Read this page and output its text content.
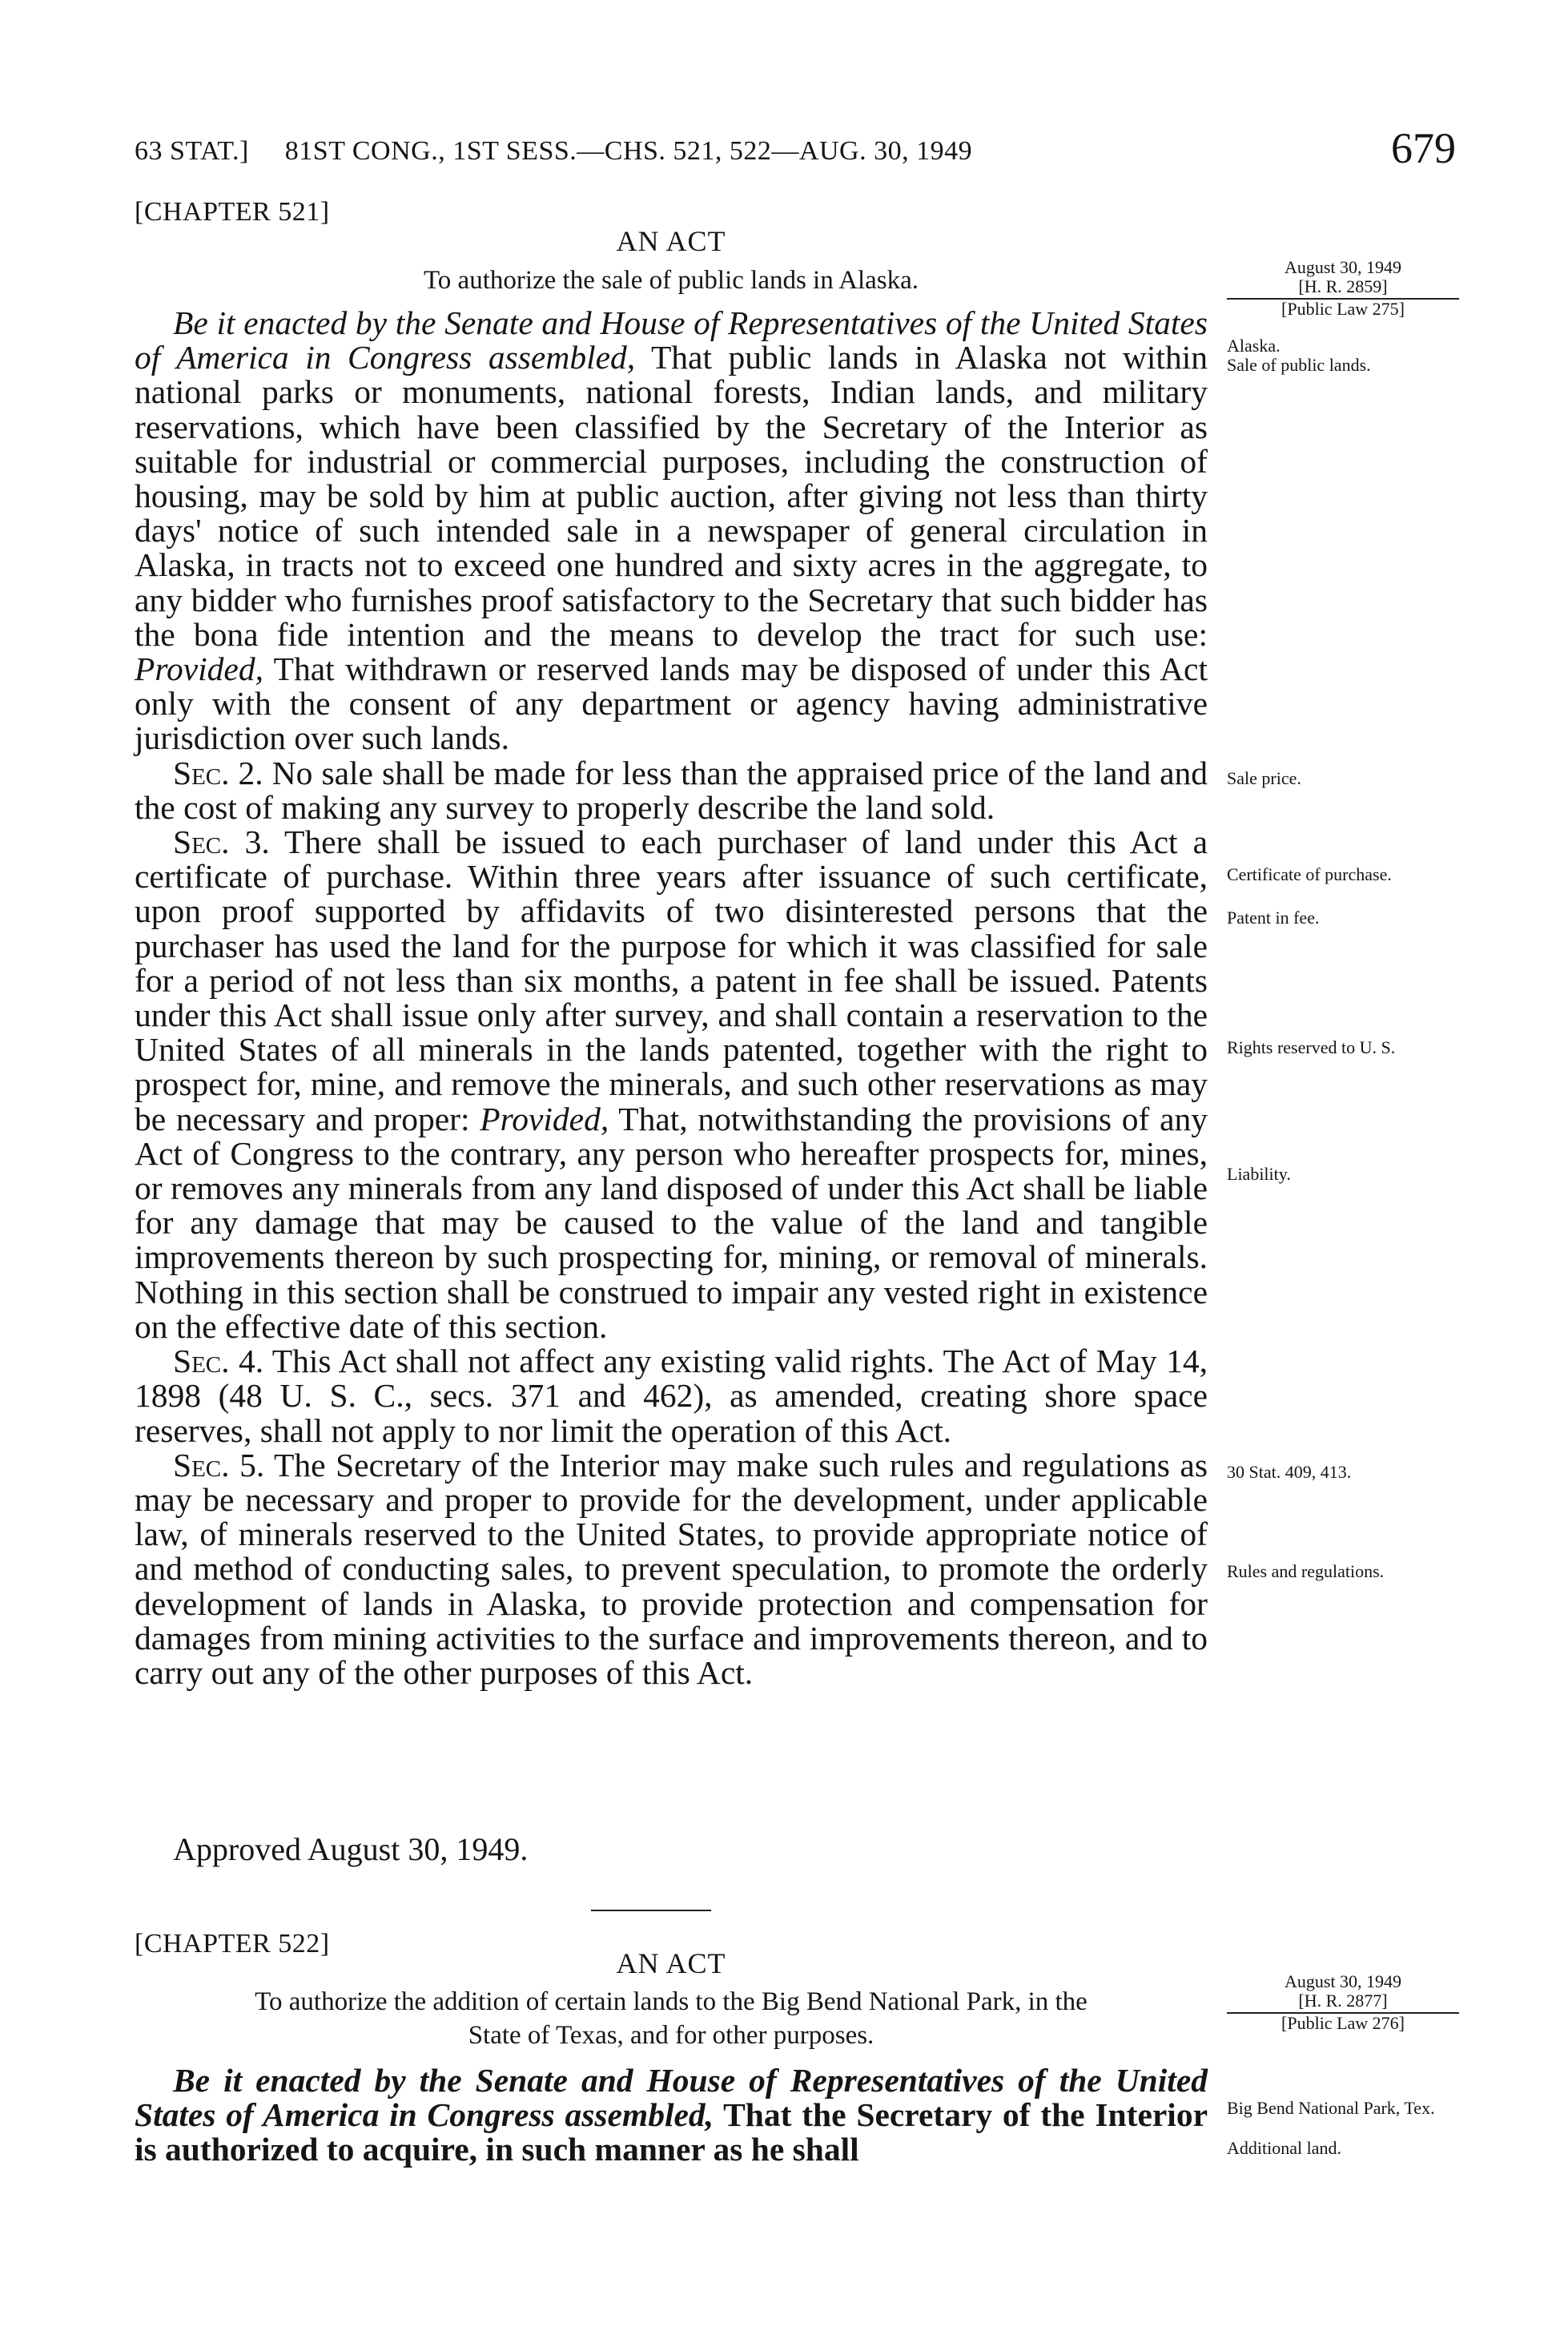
63 STAT.]     81ST CONG., 1ST SESS.—CHS. 521, 522—AUG. 30, 1949	679
[CHAPTER 521]
AN ACT
To authorize the sale of public lands in Alaska.	August 30, 1949
[H. R. 2859]
[Public Law 275]

Be it enacted by the Senate and House of Representatives of the United States of America in Congress assembled, That public lands in Alaska not within national parks or monuments, national forests, Indian lands, and military reservations, which have been classified by the Secretary of the Interior as suitable for industrial or commercial purposes, including the construction of housing, may be sold by him at public auction, after giving not less than thirty days' notice of such intended sale in a newspaper of general circulation in Alaska, in tracts not to exceed one hundred and sixty acres in the aggregate, to any bidder who furnishes proof satisfactory to the Secretary that such bidder has the bona fide intention and the means to develop the tract for such use: Provided, That withdrawn or reserved lands may be disposed of under this Act only with the consent of any department or agency having administrative jurisdiction over such lands.

Sec. 2. No sale shall be made for less than the appraised price of the land and the cost of making any survey to properly describe the land sold.

Sec. 3. There shall be issued to each purchaser of land under this Act a certificate of purchase. Within three years after issuance of such certificate, upon proof supported by affidavits of two disinterested persons that the purchaser has used the land for the purpose for which it was classified for sale for a period of not less than six months, a patent in fee shall be issued. Patents under this Act shall issue only after survey, and shall contain a reservation to the United States of all minerals in the lands patented, together with the right to prospect for, mine, and remove the minerals, and such other reservations as may be necessary and proper: Provided, That, notwithstanding the provisions of any Act of Congress to the contrary, any person who hereafter prospects for, mines, or removes any minerals from any land disposed of under this Act shall be liable for any damage that may be caused to the value of the land and tangible improvements thereon by such prospecting for, mining, or removal of minerals. Nothing in this section shall be construed to impair any vested right in existence on the effective date of this section.

Sec. 4. This Act shall not affect any existing valid rights. The Act of May 14, 1898 (48 U. S. C., secs. 371 and 462), as amended, creating shore space reserves, shall not apply to nor limit the operation of this Act.

Sec. 5. The Secretary of the Interior may make such rules and regulations as may be necessary and proper to provide for the development, under applicable law, of minerals reserved to the United States, to provide appropriate notice of and method of conducting sales, to prevent speculation, to promote the orderly development of lands in Alaska, to provide protection and compensation for damages from mining activities to the surface and improvements thereon, and to carry out any of the other purposes of this Act.

Approved August 30, 1949.
[CHAPTER 522]
AN ACT
To authorize the addition of certain lands to the Big Bend National Park, in the
State of Texas, and for other purposes.
August 30, 1949
[H. R. 2877]
[Public Law 276]

Be it enacted by the Senate and House of Representatives of the United States of America in Congress assembled, That the Secretary of the Interior is authorized to acquire, in such manner as he shall

Alaska.
Sale of public lands.
Sale price.
Certificate of purchase.
Patent in fee.
Rights reserved to U. S.
Liability.
30 Stat. 409, 413.
Rules and regulations.
Big Bend National Park, Tex.
Additional land.
